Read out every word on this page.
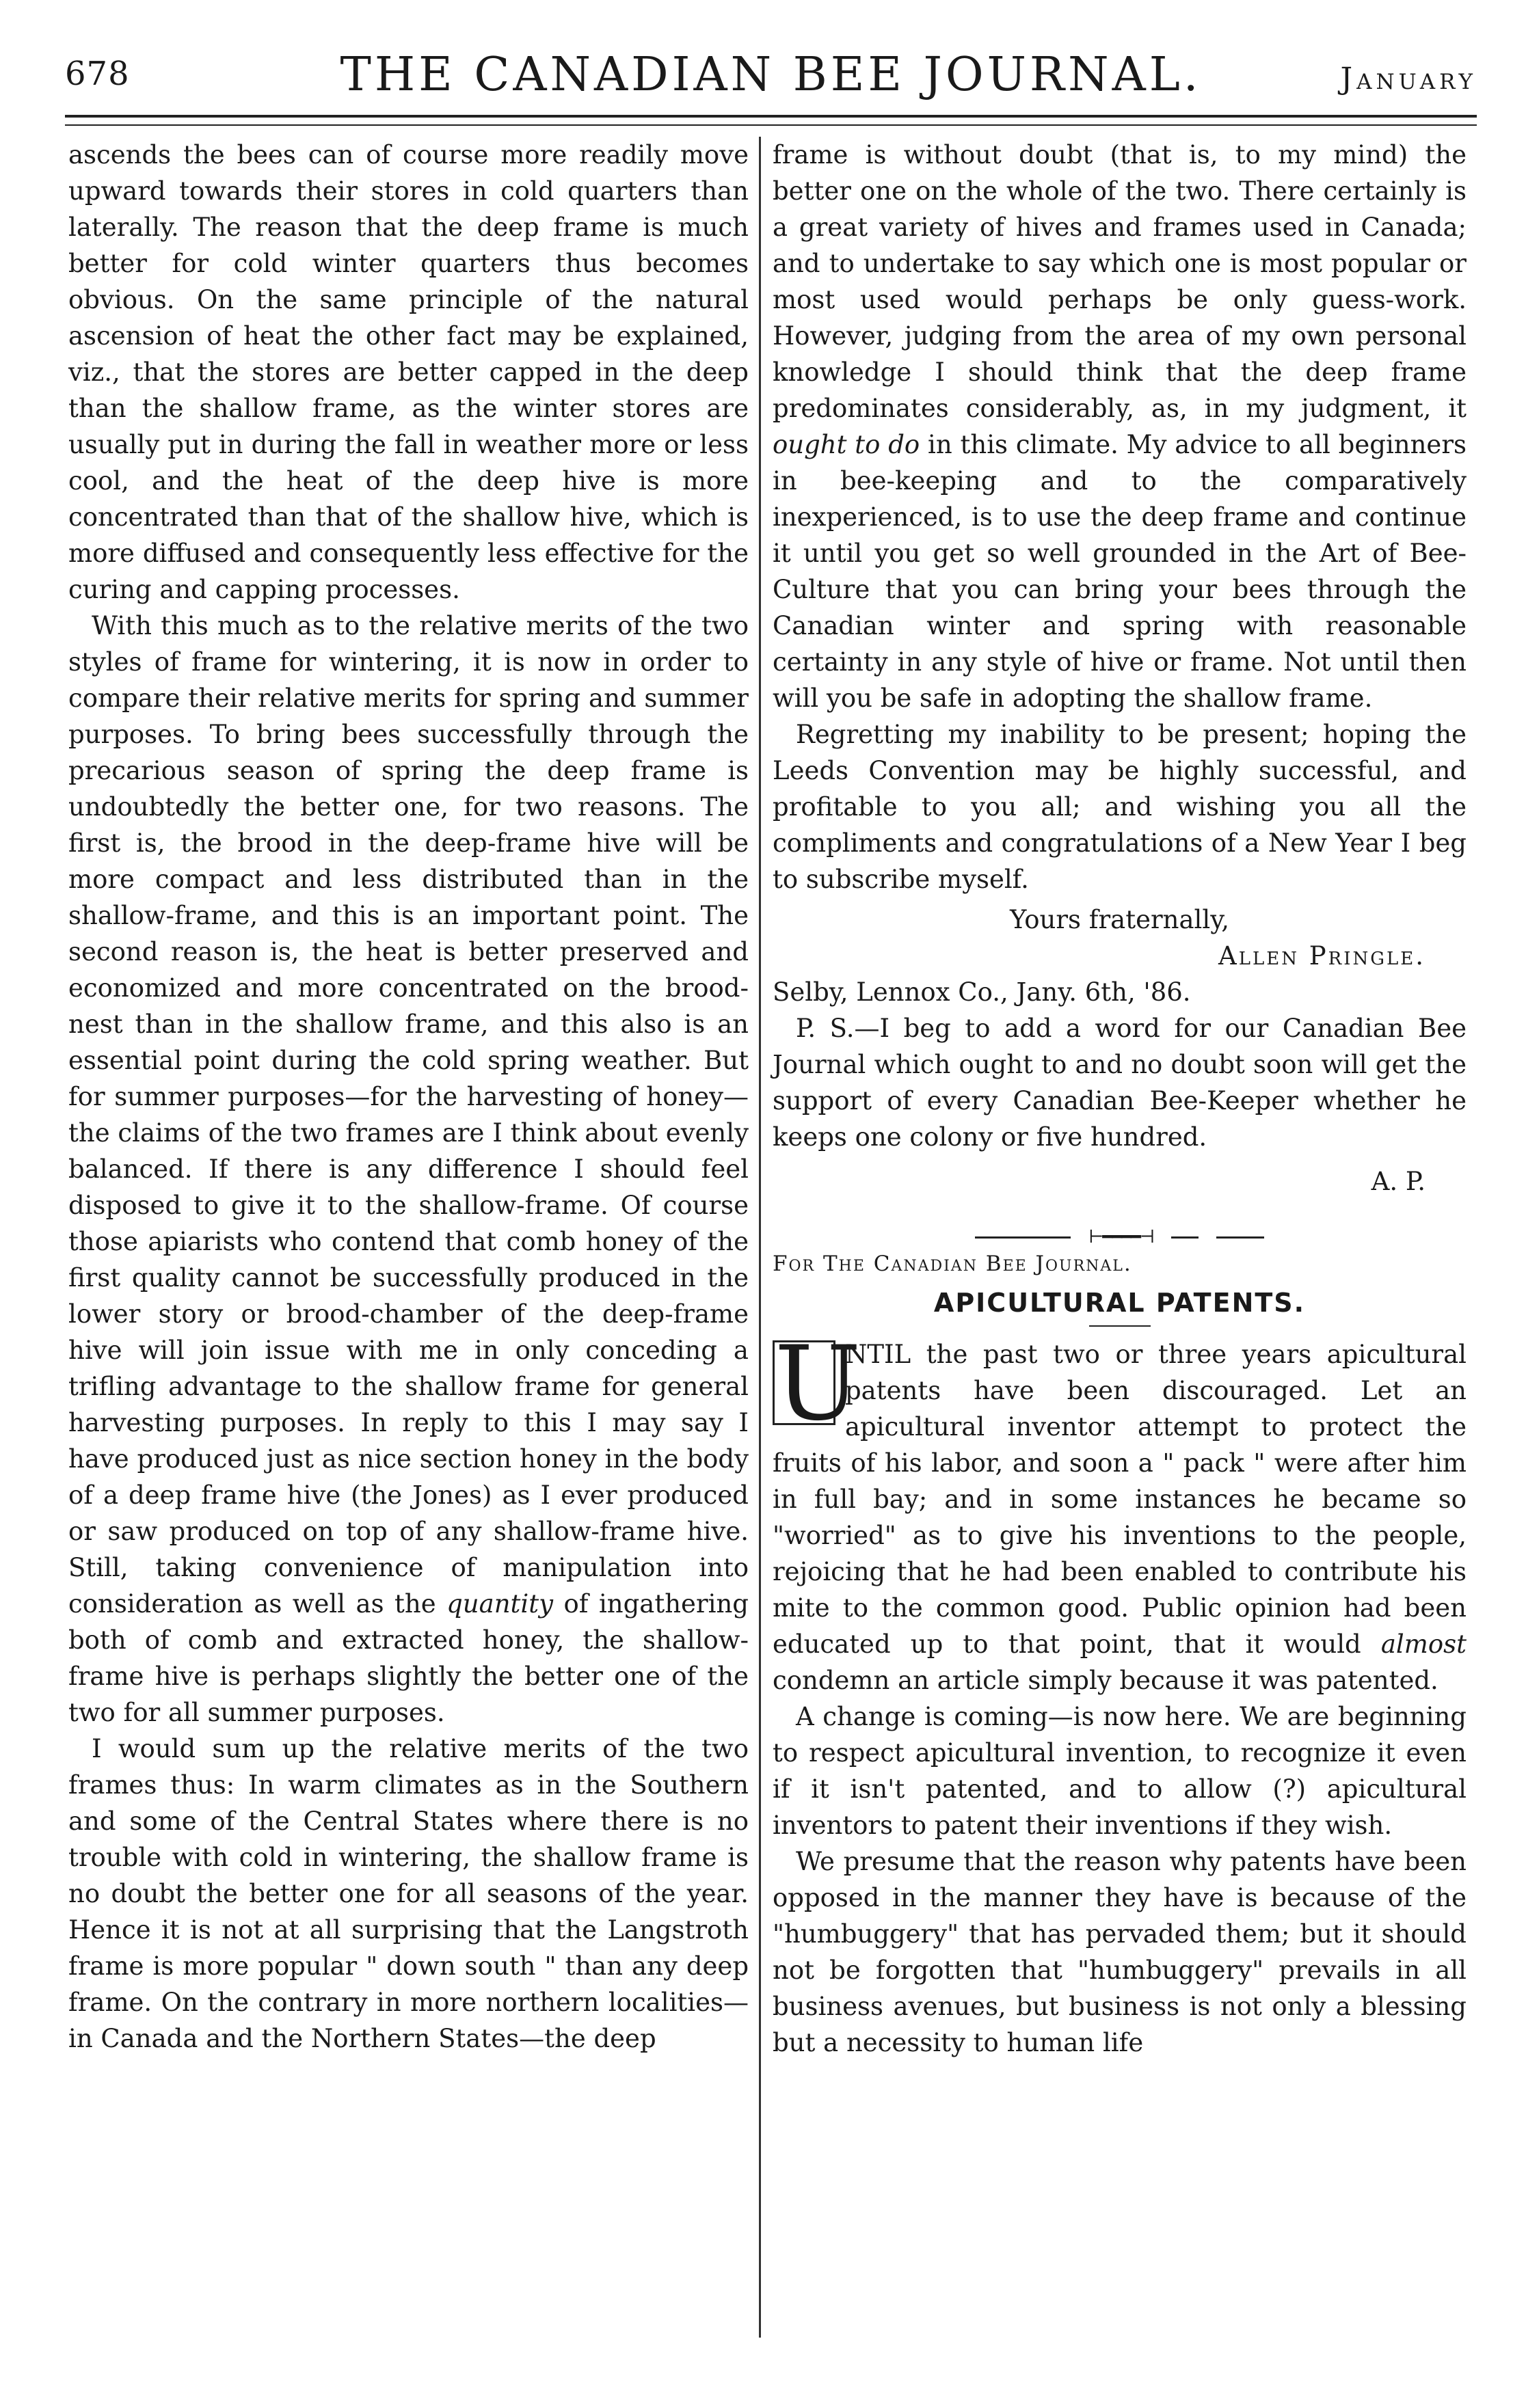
678	THE CANADIAN BEE JOURNAL.	January

ascends the bees can of course more readily move upward towards their stores in cold quarters than laterally. The reason that the deep frame is much better for cold winter quarters thus becomes obvious. On the same principle of the natural ascension of heat the other fact may be explained, viz., that the stores are better capped in the deep than the shallow frame, as the winter stores are usually put in during the fall in weather more or less cool, and the heat of the deep hive is more concentrated than that of the shallow hive, which is more diffused and consequently less effective for the curing and capping processes.

With this much as to the relative merits of the two styles of frame for wintering, it is now in order to compare their relative merits for spring and summer purposes. To bring bees successfully through the precarious season of spring the deep frame is undoubtedly the better one, for two reasons. The first is, the brood in the deep-frame hive will be more compact and less distributed than in the shallow-frame, and this is an important point. The second reason is, the heat is better preserved and economized and more concentrated on the brood-nest than in the shallow frame, and this also is an essential point during the cold spring weather. But for summer purposes—for the harvesting of honey—the claims of the two frames are I think about evenly balanced. If there is any difference I should feel disposed to give it to the shallow-frame. Of course those apiarists who contend that comb honey of the first quality cannot be successfully produced in the lower story or brood-chamber of the deep-frame hive will join issue with me in only conceding a trifling advantage to the shallow frame for general harvesting purposes. In reply to this I may say I have produced just as nice section honey in the body of a deep frame hive (the Jones) as I ever produced or saw produced on top of any shallow-frame hive. Still, taking convenience of manipulation into consideration as well as the quantity of ingathering both of comb and extracted honey, the shallow-frame hive is perhaps slightly the better one of the two for all summer purposes.

I would sum up the relative merits of the two frames thus: In warm climates as in the Southern and some of the Central States where there is no trouble with cold in wintering, the shallow frame is no doubt the better one for all seasons of the year. Hence it is not at all surprising that the Langstroth frame is more popular " down south " than any deep frame. On the contrary in more northern localities—in Canada and the Northern States—the deep

frame is without doubt (that is, to my mind) the better one on the whole of the two. There certainly is a great variety of hives and frames used in Canada; and to undertake to say which one is most popular or most used would perhaps be only guess-work. However, judging from the area of my own personal knowledge I should think that the deep frame predominates considerably, as, in my judgment, it ought to do in this climate. My advice to all beginners in bee-keeping and to the comparatively inexperienced, is to use the deep frame and continue it until you get so well grounded in the Art of Bee-Culture that you can bring your bees through the Canadian winter and spring with reasonable certainty in any style of hive or frame. Not until then will you be safe in adopting the shallow frame.

Regretting my inability to be present; hoping the Leeds Convention may be highly successful, and profitable to you all; and wishing you all the compliments and congratulations of a New Year I beg to subscribe myself.

Yours fraternally,

Allen Pringle.

Selby, Lennox Co., Jany. 6th, '86.

P. S.—I beg to add a word for our Canadian Bee Journal which ought to and no doubt soon will get the support of every Canadian Bee-Keeper whether he keeps one colony or five hundred.

A. P.

⊢━━━━⊣

For The Canadian Bee Journal.

APICULTURAL PATENTS.

U
NTIL the past two or three years apicultural patents have been discouraged. Let an apicultural inventor attempt to protect the fruits of his labor, and soon a " pack " were after him in full bay; and in some instances he became so "worried" as to give his inventions to the people, rejoicing that he had been enabled to contribute his mite to the common good. Public opinion had been educated up to that point, that it would almost condemn an article simply because it was patented.

A change is coming—is now here. We are beginning to respect apicultural invention, to recognize it even if it isn't patented, and to allow (?) apicultural inventors to patent their inventions if they wish.

We presume that the reason why patents have been opposed in the manner they have is because of the "humbuggery" that has pervaded them; but it should not be forgotten that "humbuggery" prevails in all business avenues, but business is not only a blessing but a necessity to human life
